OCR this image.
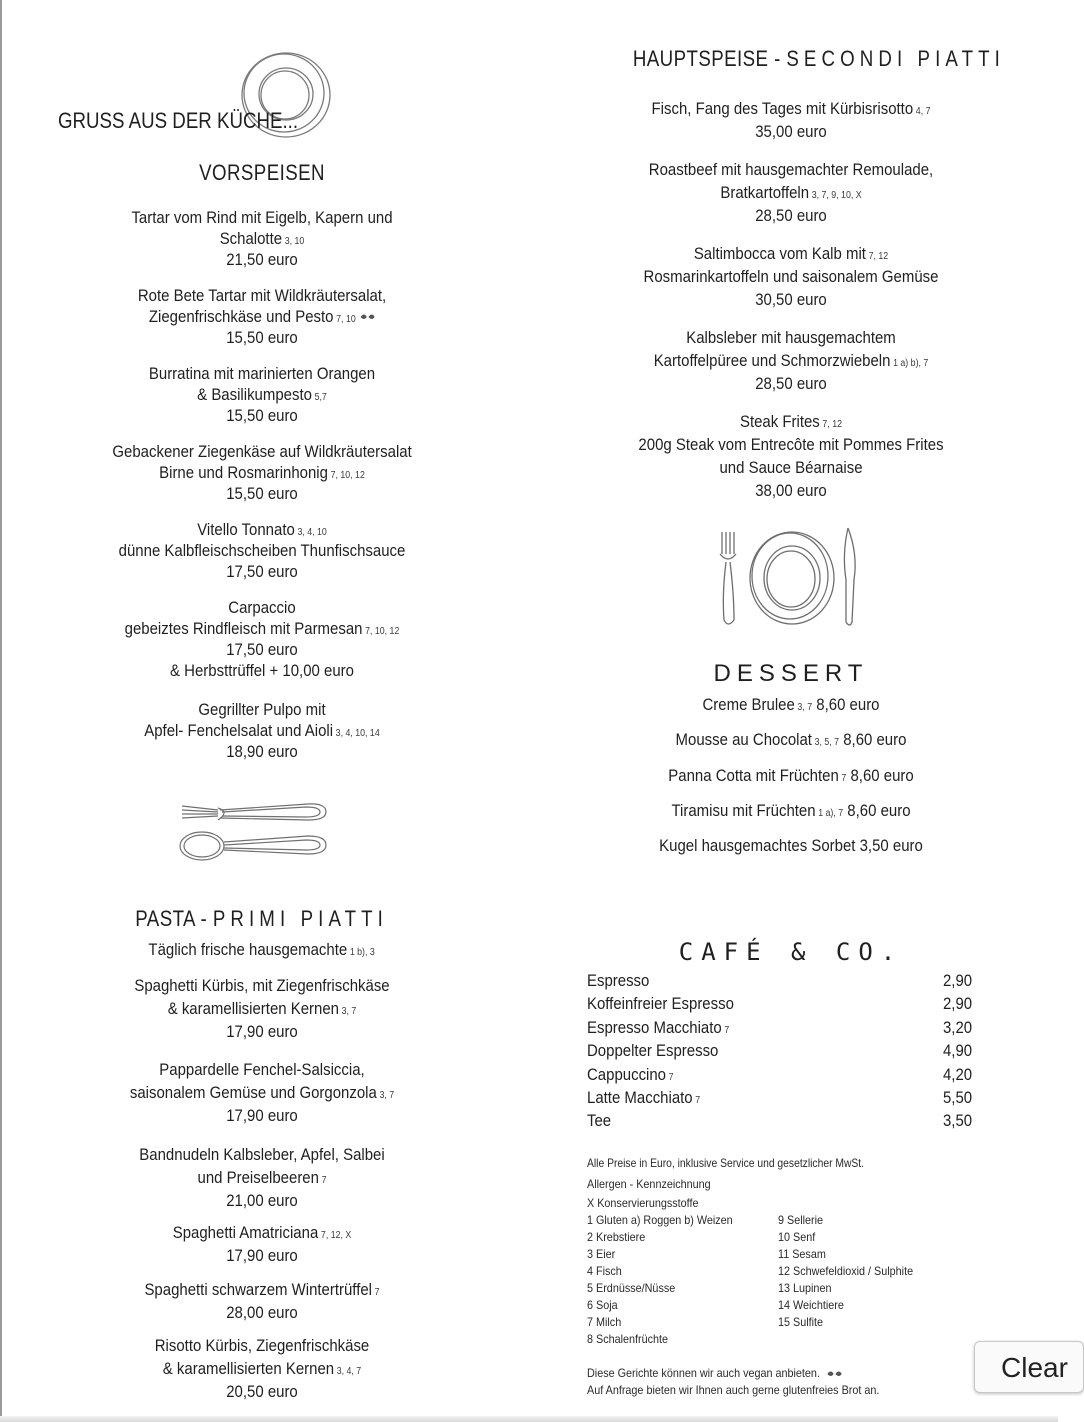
GRUSS AUS DER KÜCHE...
VORSPEISEN
Tartar vom Rind mit Eigelb, Kapern und
Schalotte 3, 10
21,50 euro
Rote Bete Tartar mit Wildkräutersalat,
Ziegenfrischkäse und Pesto 7, 10
15,50 euro
Burratina mit marinierten Orangen
& Basilikumpesto 5,7
15,50 euro
Gebackener Ziegenkäse auf Wildkräutersalat
Birne und Rosmarinhonig 7, 10, 12
15,50 euro
Vitello Tonnato 3, 4, 10
dünne Kalbfleischscheiben Thunfischsauce
17,50 euro
Carpaccio
gebeiztes Rindfleisch mit Parmesan 7, 10, 12
17,50 euro
& Herbsttrüffel + 10,00 euro
Gegrillter Pulpo mit
Apfel- Fenchelsalat und Aioli 3, 4, 10, 14
18,90 euro
PASTA - PRIMI PIATTI
Täglich frische hausgemachte 1 b), 3
Spaghetti Kürbis, mit Ziegenfrischkäse
& karamellisierten Kernen 3, 7
17,90 euro
Pappardelle Fenchel-Salsiccia,
saisonalem Gemüse und Gorgonzola 3, 7
17,90 euro
Bandnudeln Kalbsleber, Apfel, Salbei
und Preiselbeeren 7
21,00 euro
Spaghetti Amatriciana 7, 12, X
17,90 euro
Spaghetti schwarzem Wintertrüffel 7
28,00 euro
Risotto Kürbis, Ziegenfrischkäse
& karamellisierten Kernen 3, 4, 7
20,50 euro
HAUPTSPEISE - SECONDI PIATTI
Fisch, Fang des Tages mit Kürbisrisotto 4, 7
35,00 euro
Roastbeef mit hausgemachter Remoulade,
Bratkartoffeln 3, 7, 9, 10, X
28,50 euro
Saltimbocca vom Kalb mit 7, 12
Rosmarinkartoffeln und saisonalem Gemüse
30,50 euro
Kalbsleber mit hausgemachtem
Kartoffelpüree und Schmorzwiebeln 1 a) b), 7
28,50 euro
Steak Frites 7, 12
200g Steak vom Entrecôte mit Pommes Frites
und Sauce Béarnaise
38,00 euro
DESSERT
Creme Brulee 3, 7 8,60 euro
Mousse au Chocolat 3, 5, 7 8,60 euro
Panna Cotta mit Früchten 7 8,60 euro
Tiramisu mit Früchten 1 a), 7 8,60 euro
Kugel hausgemachtes Sorbet 3,50 euro
CAFÉ & CO.
Espresso	2,90
Koffeinfreier Espresso	2,90
Espresso Macchiato 7	3,20
Doppelter Espresso	4,90
Cappuccino 7	4,20
Latte Macchiato 7	5,50
Tee	3,50
Alle Preise in Euro, inklusive Service und gesetzlicher MwSt.
Allergen - Kennzeichnung
X Konservierungsstoffe
1 Gluten a) Roggen b) Weizen
2 Krebstiere
3 Eier
4 Fisch
5 Erdnüsse/Nüsse
6 Soja
7 Milch
8 Schalenfrüchte
9 Sellerie
10 Senf
11 Sesam
12 Schwefeldioxid / Sulphite
13 Lupinen
14 Weichtiere
15 Sulfite
Diese Gerichte können wir auch vegan anbieten.
Auf Anfrage bieten wir Ihnen auch gerne glutenfreies Brot an.
Clear
